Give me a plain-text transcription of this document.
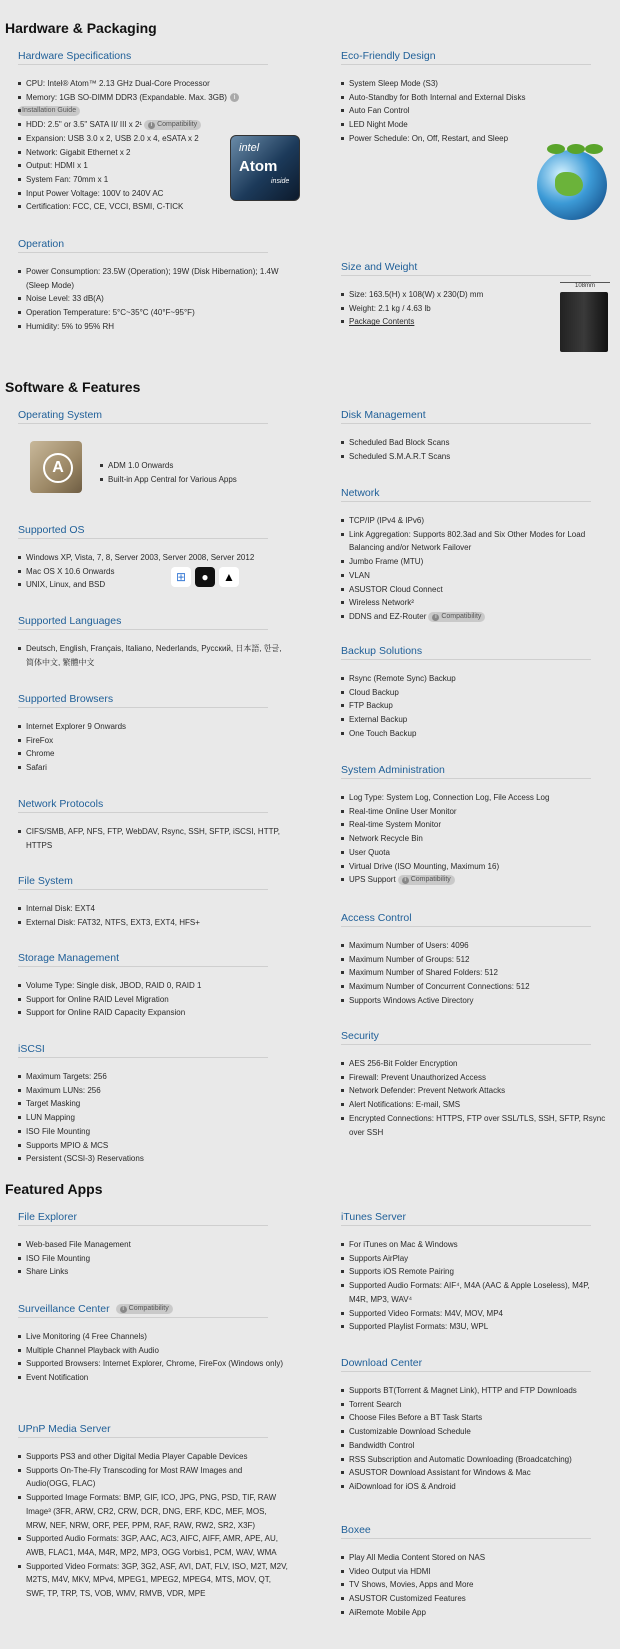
Hardware & Packaging
Software & Features
Featured Apps
Hardware Specifications
CPU: Intel® Atom™ 2.13 GHz Dual-Core Processor
Memory: 1GB SO-DIMM DDR3 (Expandable. Max. 3GB) i
Installation Guide
HDD: 2.5" or 3.5" SATA II/ III x 2¹ i Compatibility
Expansion: USB 3.0 x 2, USB 2.0 x 4, eSATA x 2
Network: Gigabit Ethernet x 2
Output: HDMI x 1
System Fan: 70mm x 1
Input Power Voltage: 100V to 240V AC
Certification: FCC, CE, VCCI, BSMI, C-TICK
intel
Atom
inside
Eco-Friendly Design
System Sleep Mode (S3)
Auto-Standby for Both Internal and External Disks
Auto Fan Control
LED Night Mode
Power Schedule: On, Off, Restart, and Sleep
Operation
Power Consumption: 23.5W (Operation); 19W (Disk Hibernation); 1.4W (Sleep Mode)
Noise Level: 33 dB(A)
Operation Temperature: 5°C~35°C (40°F~95°F)
Humidity: 5% to 95% RH
Size and Weight
Size: 163.5(H) x 108(W) x 230(D) mm
Weight: 2.1 kg / 4.63 lb
Package Contents
108mm
Operating System
A	ADM 1.0 Onwards
Built-in App Central for Various Apps
Disk Management
Scheduled Bad Block Scans
Scheduled S.M.A.R.T Scans
Supported OS
Windows XP, Vista, 7, 8, Server 2003, Server 2008, Server 2012
Mac OS X 10.6 Onwards
UNIX, Linux, and BSD
⊞	●	▲
Network
TCP/IP (IPv4 & IPv6)
Link Aggregation: Supports 802.3ad and Six Other Modes for Load Balancing and/or Network Failover
Jumbo Frame (MTU)
VLAN
ASUSTOR Cloud Connect
Wireless Network²
DDNS and EZ-Router i Compatibility
Supported Languages
Deutsch, English, Français, Italiano, Nederlands, Русский, 日本語, 한글, 简体中文, 繁體中文
Backup Solutions
Rsync (Remote Sync) Backup
Cloud Backup
FTP Backup
External Backup
One Touch Backup
Supported Browsers
Internet Explorer 9 Onwards
FireFox
Chrome
Safari	System Administration
Log Type: System Log, Connection Log, File Access Log
Real-time Online User Monitor
Real-time System Monitor
Network Recycle Bin
User Quota
Virtual Drive (ISO Mounting, Maximum 16)
UPS Support i Compatibility
Network Protocols
CIFS/SMB, AFP, NFS, FTP, WebDAV, Rsync, SSH, SFTP, iSCSI, HTTP, HTTPS
File System
Internal Disk: EXT4
External Disk: FAT32, NTFS, EXT3, EXT4, HFS+	Access Control
Maximum Number of Users: 4096
Maximum Number of Groups: 512
Maximum Number of Shared Folders: 512
Maximum Number of Concurrent Connections: 512
Supports Windows Active Directory
Storage Management
Volume Type: Single disk, JBOD, RAID 0, RAID 1
Support for Online RAID Level Migration
Support for Online RAID Capacity Expansion
Security
AES 256-Bit Folder Encryption
Firewall: Prevent Unauthorized Access
Network Defender: Prevent Network Attacks
Alert Notifications: E-mail, SMS
Encrypted Connections: HTTPS, FTP over SSL/TLS, SSH, SFTP, Rsync over SSH
iSCSI
Maximum Targets: 256
Maximum LUNs: 256
Target Masking
LUN Mapping
ISO File Mounting
Supports MPIO & MCS
Persistent (SCSI-3) Reservations
File Explorer
Web-based File Management
ISO File Mounting
Share Links
iTunes Server
For iTunes on Mac & Windows
Supports AirPlay
Supports iOS Remote Pairing
Supported Audio Formats: AIF⁴, M4A (AAC & Apple Loseless), M4P, M4R, MP3, WAV⁴
Supported Video Formats: M4V, MOV, MP4
Supported Playlist Formats: M3U, WPL
Surveillance Center	i Compatibility
Live Monitoring (4 Free Channels)
Multiple Channel Playback with Audio
Supported Browsers: Internet Explorer, Chrome, FireFox (Windows only)
Event Notification
Download Center
Supports BT(Torrent & Magnet Link), HTTP and FTP Downloads
Torrent Search
Choose Files Before a BT Task Starts
Customizable Download Schedule
Bandwidth Control
RSS Subscription and Automatic Downloading (Broadcatching)
ASUSTOR Download Assistant for Windows & Mac
AiDownload for iOS & Android
UPnP Media Server
Supports PS3 and other Digital Media Player Capable Devices
Supports On-The-Fly Transcoding for Most RAW Images and Audio(OGG, FLAC)
Supported Image Formats: BMP, GIF, ICO, JPG, PNG, PSD, TIF, RAW Image³ (3FR, ARW, CR2, CRW, DCR, DNG, ERF, KDC, MEF, MOS, MRW, NEF, NRW, ORF, PEF, PPM, RAF, RAW, RW2, SR2, X3F)
Supported Audio Formats: 3GP, AAC, AC3, AIFC, AIFF, AMR, APE, AU, AWB, FLAC1, M4A, M4R, MP2, MP3, OGG Vorbis1, PCM, WAV, WMA
Supported Video Formats: 3GP, 3G2, ASF, AVI, DAT, FLV, ISO, M2T, M2V, M2TS, M4V, MKV, MPv4, MPEG1, MPEG2, MPEG4, MTS, MOV, QT, SWF, TP, TRP, TS, VOB, WMV, RMVB, VDR, MPE
Boxee
Play All Media Content Stored on NAS
Video Output via HDMI
TV Shows, Movies, Apps and More
ASUSTOR Customized Features
AiRemote Mobile App
